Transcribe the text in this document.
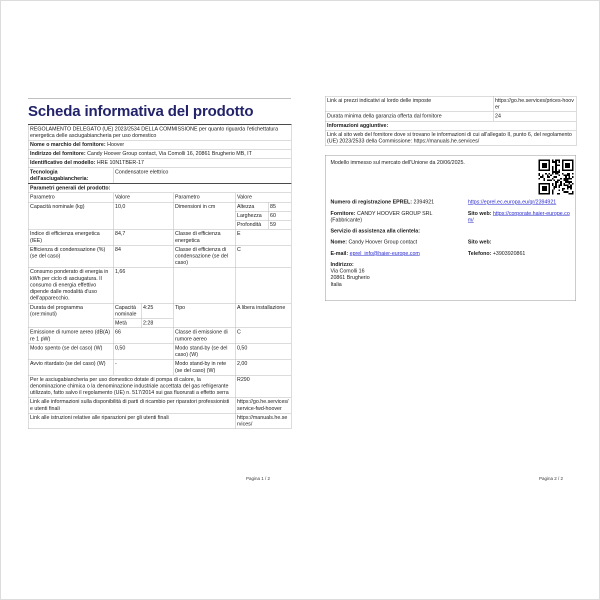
Scheda informativa del prodotto
REGOLAMENTO DELEGATO (UE) 2023/2534 DELLA COMMISSIONE per quanto riguarda l'etichettatura energetica delle asciugabiancheria per uso domestico					
Nome o marchio del fornitore: Hoover					
Indirizzo del fornitore: Candy Hoover Group contact, Via Comolli 16, 20861 Brugherio MB, IT					
Identificativo del modello: HRE 10N1TBER-17					
Tecnologia dell'asciugabiancheria:	Condensatore elettrico				
Parametri generali del prodotto:					
Parametro	Valore		Parametro	Valore	
Capacità nominale (kg)	10,0		Dimensioni in cm	Altezza	85
				Larghezza	60
				Profondità	59
Indice di efficienza energetica (IEE)	84,7		Classe di efficienza energetica	E	
Efficienza di condensazione (%) (se del caso)	84		Classe di efficienza di condensazione (se del caso)	C	
Consumo ponderato di energia in kWh per ciclo di asciugatura. Il consumo di energia effettivo dipende dalle modalità d'uso dell'apparecchio.	1,66				
Durata del programma (ore:minuti)	Capacità nominale	4:25	Tipo	A libera installazione	
	Metà	2:28			
Emissione di rumore aereo (dB(A) re 1 pW)	66		Classe di emissione di rumore aereo	C	
Modo spento (se del caso) (W)	0,50		Modo stand-by (se del caso) (W)	0,50	
Avvio ritardato (se del caso) (W)	-		Modo stand-by in rete (se del caso) (W)	2,00	
Per le asciugabiancheria per uso domestico dotate di pompa di calore, la denominazione chimica o la denominazione industriale accettata del gas refrigerante utilizzato, fatto salvo il regolamento (UE) n. 517/2014 sui gas fluorurati a effetto serra				R290	
Link alle informazioni sulla disponibilità di parti di ricambio per riparatori professionisti e utenti finali				https://go.he.services/service-fwd-hoover	
Link alle istruzioni relative alle riparazioni per gli utenti finali				https://manuals.he.services/	
Pagina 1 / 2
Link ai prezzi indicativi al lordo delle imposte	https://go.he.services/prices-hoover
Durata minima della garanzia offerta dal fornitore	24
Informazioni aggiuntive:	
Link al sito web del fornitore dove si trovano le informazioni di cui all'allegato II, punto 6, del regolamento (UE) 2023/2533 della Commissione: https://manuals.he.services/	
Modello immesso sul mercato dell'Unione da 20/06/2025.
Numero di registrazione EPREL: 2394921	https://eprel.ec.europa.eu/qr/2394921
Fornitore: CANDY HOOVER GROUP SRL (Fabbricante)
Sito web: https://corporate.haier-europe.com/
Servizio di assistenza alla clientela:
Nome: Candy Hoover Group contact	Sito web:
E-mail: eprel_info@haier-europe.com	Telefono: +3903920861
Indirizzo:

Via Comolli 16

20861 Brugherio

Italia

Pagina 2 / 2
